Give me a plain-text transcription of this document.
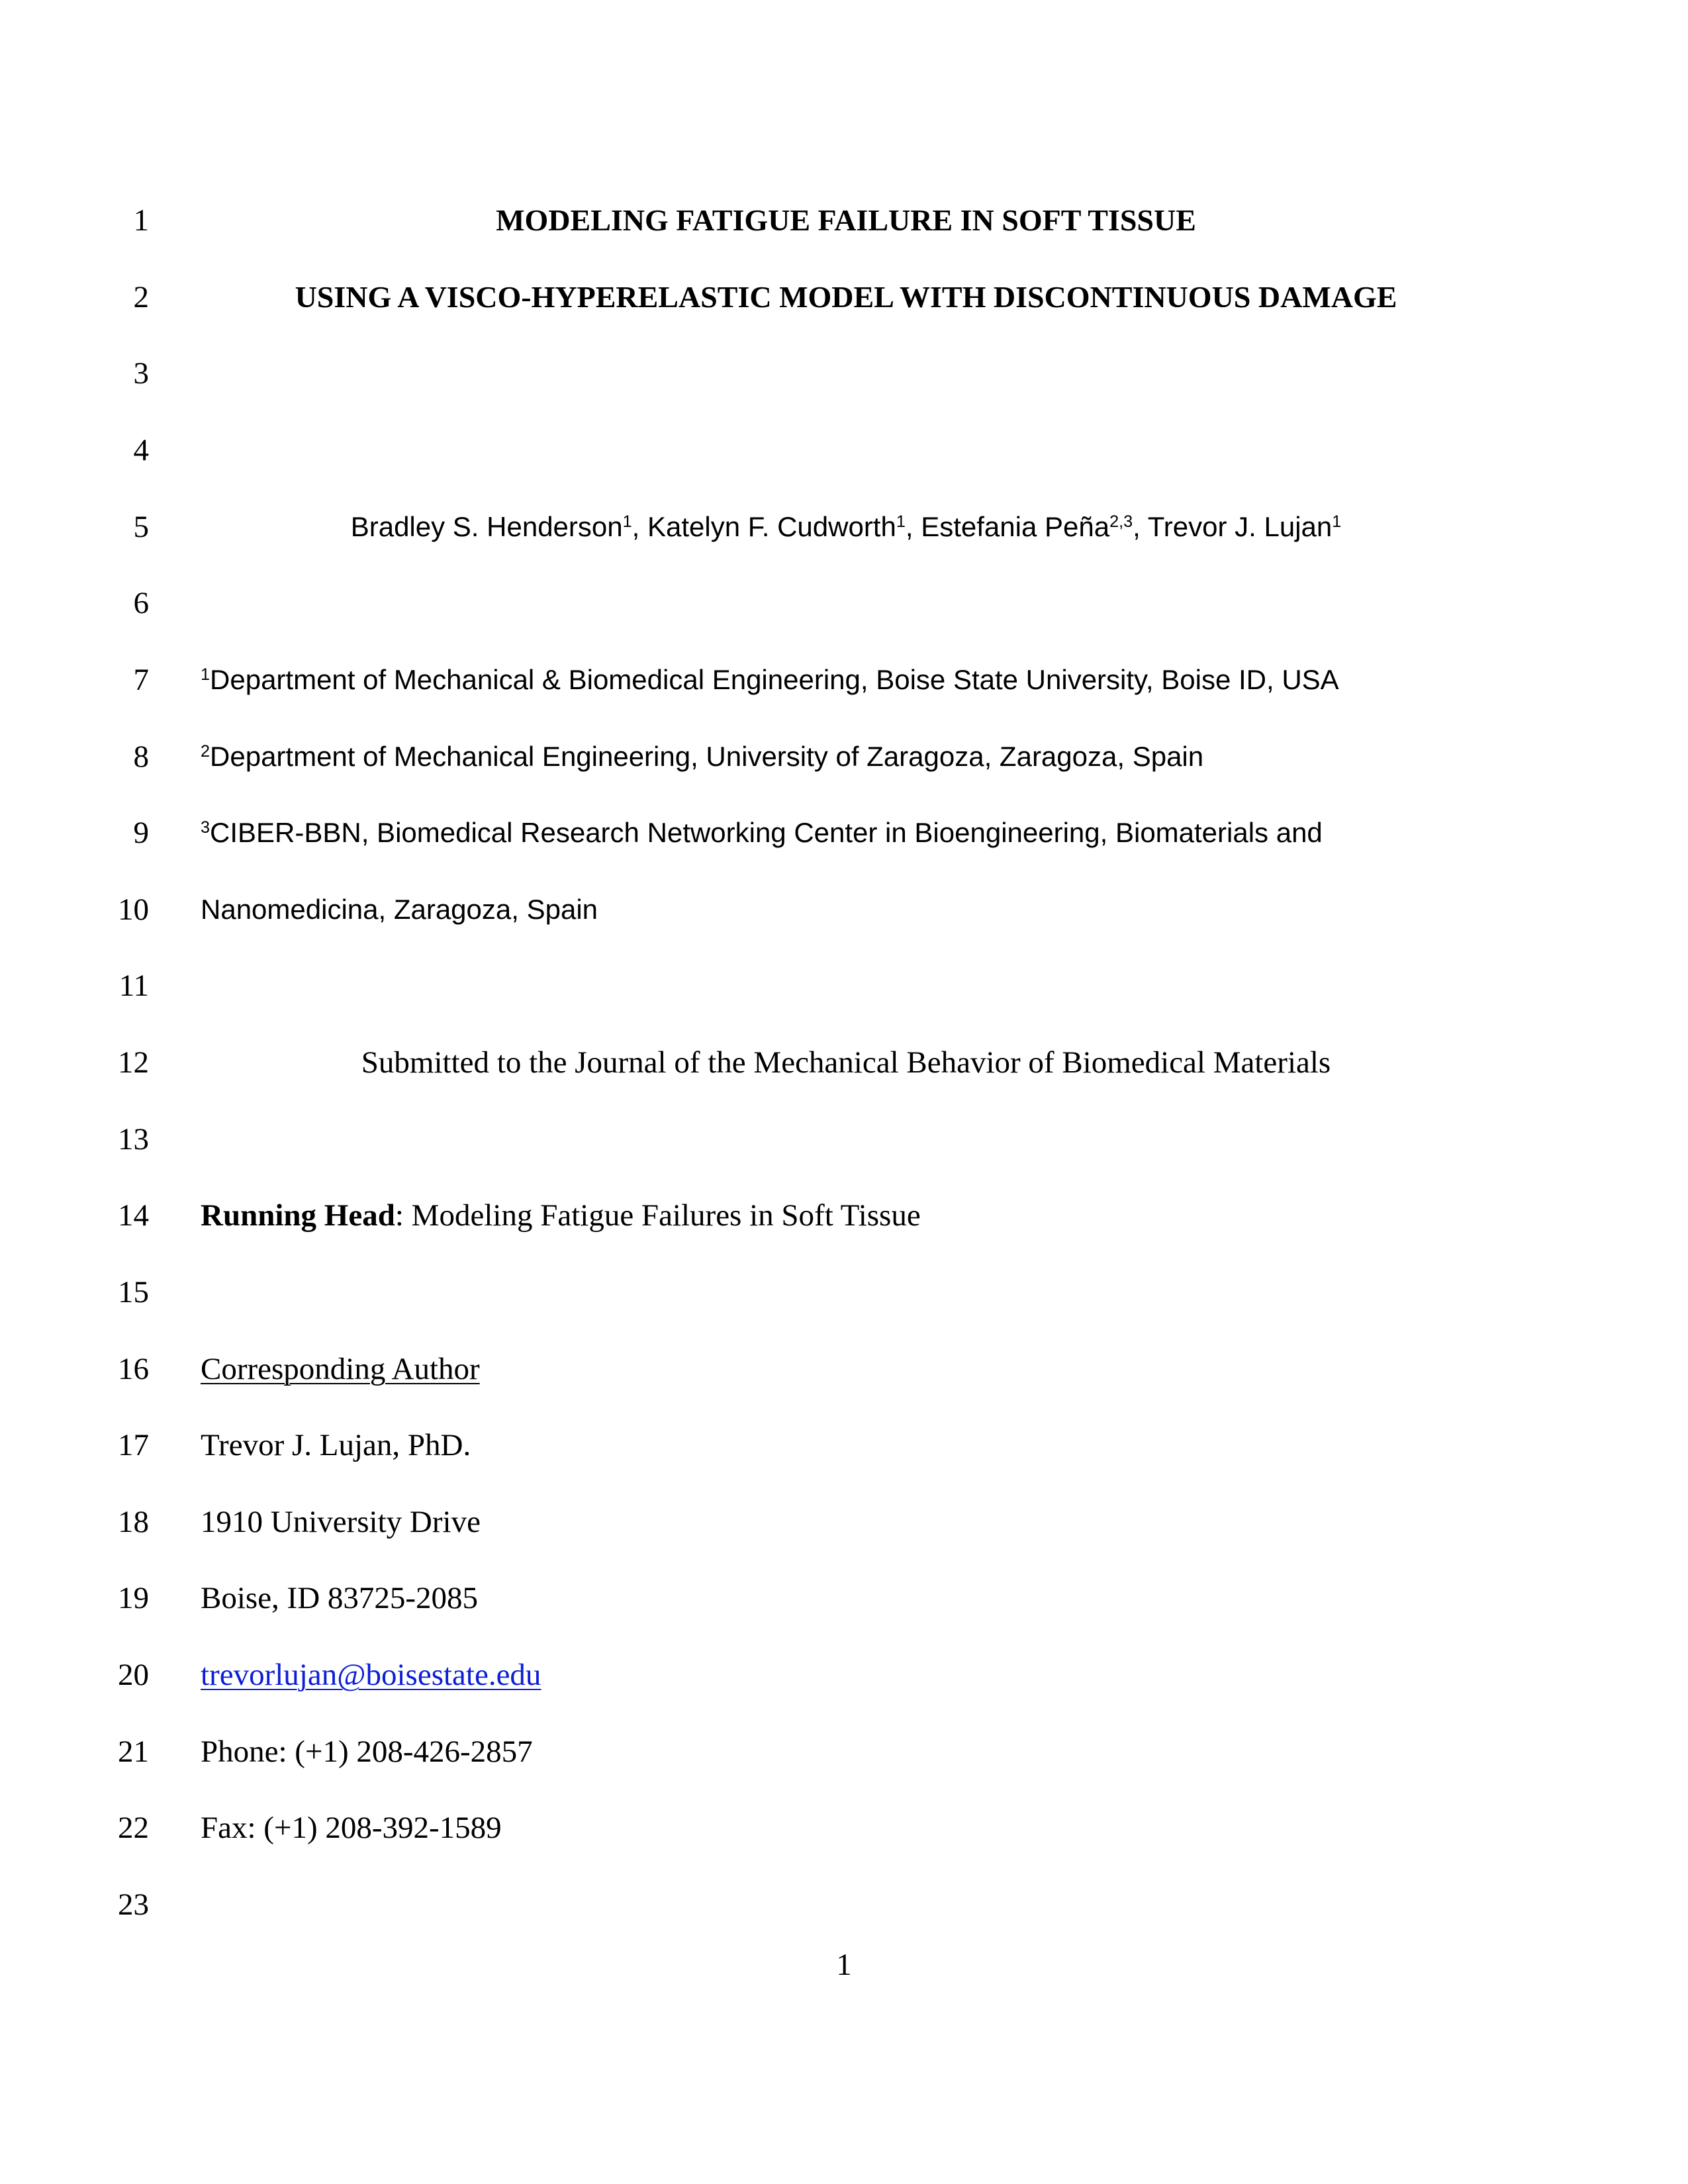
1	MODELING FATIGUE FAILURE IN SOFT TISSUE
2	USING A VISCO-HYPERELASTIC MODEL WITH DISCONTINUOUS DAMAGE
3
4
5	Bradley S. Henderson$^1$, Katelyn F. Cudworth$^1$, Estefania Peña$^{2,3}$, Trevor J. Lujan$^1$
6
7	$^1$Department of Mechanical & Biomedical Engineering, Boise State University, Boise ID, USA
8	$^2$Department of Mechanical Engineering, University of Zaragoza, Zaragoza, Spain
9	$^3$CIBER-BBN, Biomedical Research Networking Center in Bioengineering, Biomaterials and
10 Nanomedicina, Zaragoza, Spain
11
12	Submitted to the Journal of the Mechanical Behavior of Biomedical Materials
13
14 Running Head: Modeling Fatigue Failures in Soft Tissue
15
16 Corresponding Author
17 Trevor J. Lujan, PhD.
18 1910 University Drive
19 Boise, ID 83725-2085
20 trevorlujan@boisestate.edu
21 Phone: (+1) 208-426-2857
22 Fax: (+1) 208-392-1589
23
1
